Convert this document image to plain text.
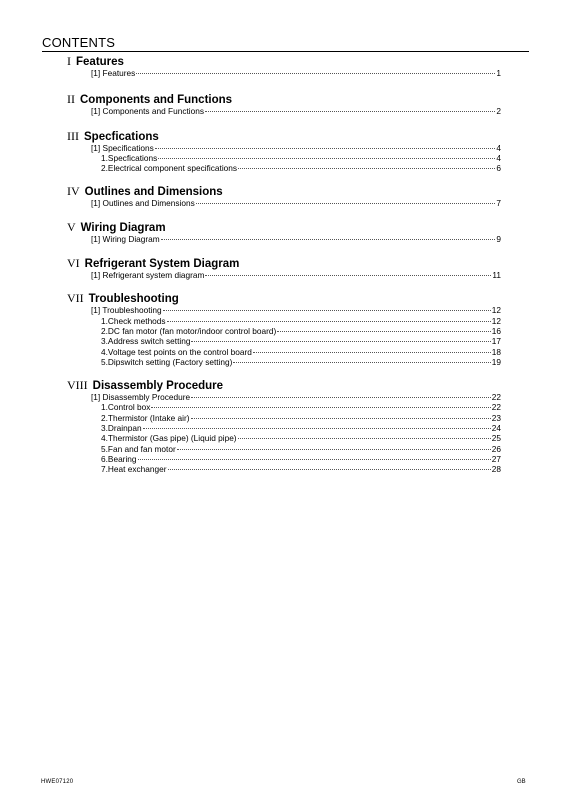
CONTENTS
I Features
[1] Features	1
II Components and Functions
[1] Components and Functions	2
III Specfications
[1] Specifications	4
1.Specfications	4
2.Electrical component specifications	6
IV Outlines and Dimensions
[1] Outlines and Dimensions	7
V Wiring Diagram
[1] Wiring Diagram	9
VI Refrigerant System Diagram
[1] Refrigerant system diagram	11
VII Troubleshooting
[1] Troubleshooting	12
1.Check methods	12
2.DC fan motor (fan motor/indoor control board)	16
3.Address switch setting	17
4.Voltage test points on the control board	18
5.Dipswitch setting (Factory setting)	19
VIII Disassembly Procedure
[1] Disassembly Procedure	22
1.Control box	22
2.Thermistor (Intake air)	23
3.Drainpan	24
4.Thermistor (Gas pipe) (Liquid pipe)	25
5.Fan and fan motor	26
6.Bearing	27
7.Heat exchanger	28
HWE07120	GB
